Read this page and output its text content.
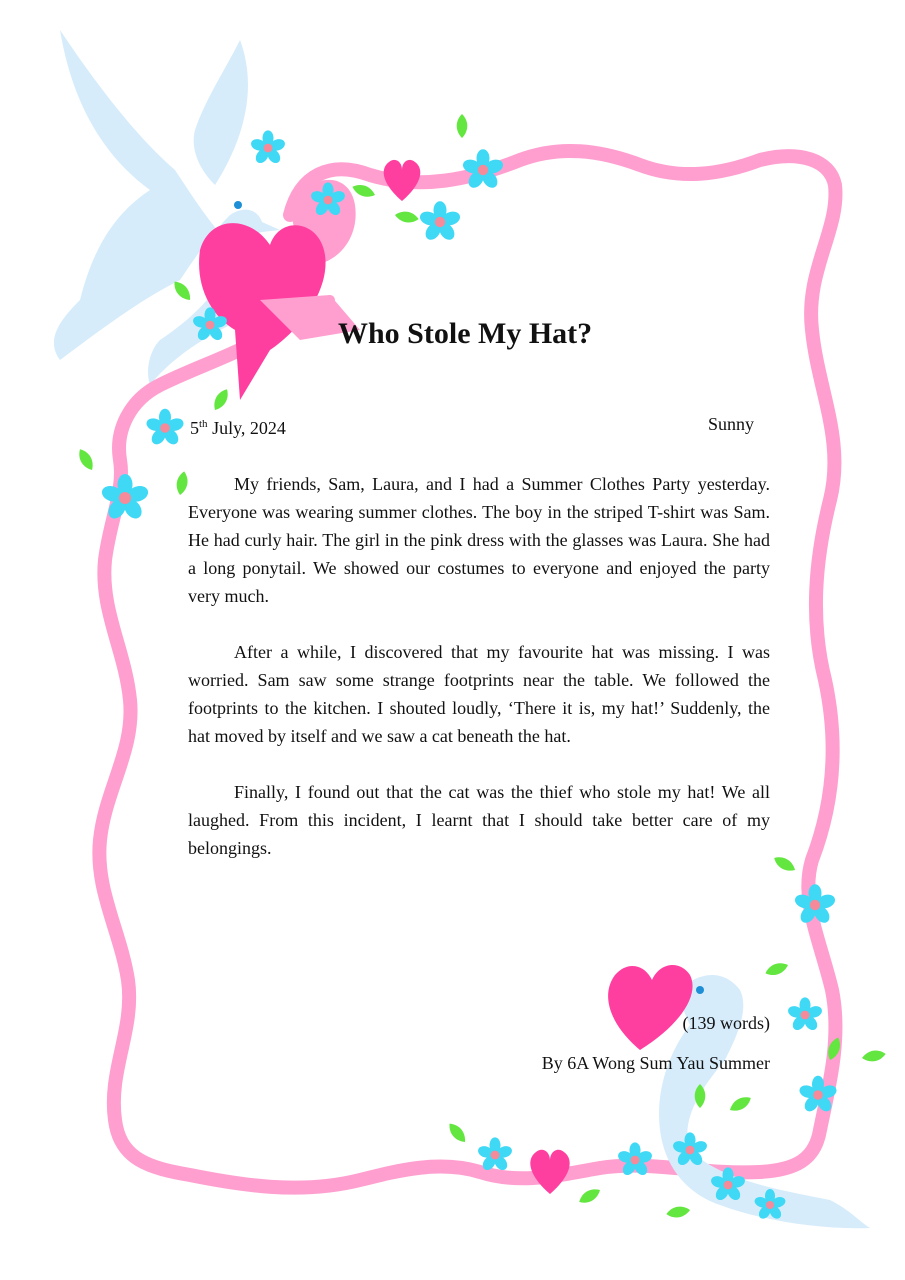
Who Stole My Hat?
5th July, 2024	Sunny

My friends, Sam, Laura, and I had a Summer Clothes Party yesterday. Everyone was wearing summer clothes. The boy in the striped T-shirt was Sam. He had curly hair. The girl in the pink dress with the glasses was Laura. She had a long ponytail. We showed our costumes to everyone and enjoyed the party very much.

After a while, I discovered that my favourite hat was missing. I was worried. Sam saw some strange footprints near the table. We followed the footprints to the kitchen. I shouted loudly, ‘There it is, my hat!’ Suddenly, the hat moved by itself and we saw a cat beneath the hat.

Finally, I found out that the cat was the thief who stole my hat! We all laughed. From this incident, I learnt that I should take better care of my belongings.

(139 words)
By 6A Wong Sum Yau Summer
